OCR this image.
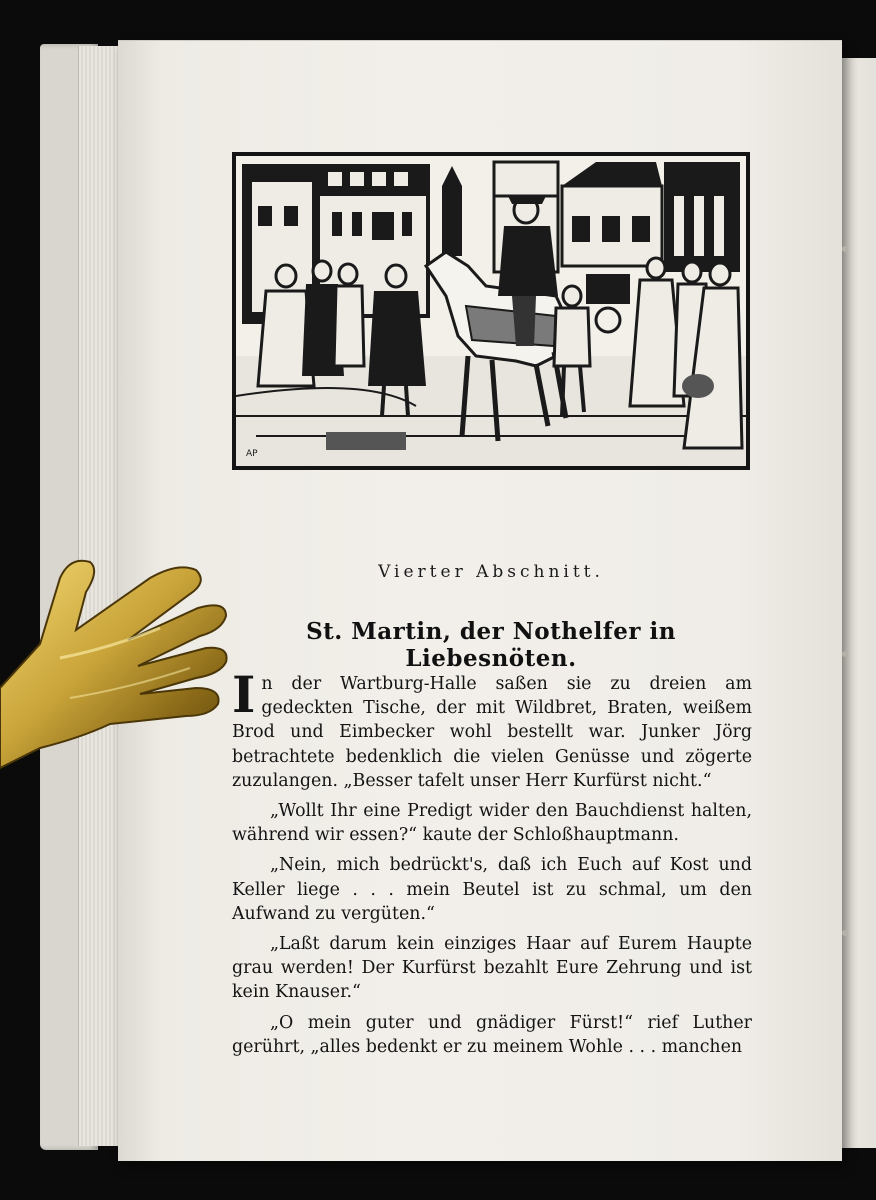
AP
Vierter Abschnitt.
St. Martin, der Nothelfer in Liebesnöten.

In der Wartburg-Halle saßen sie zu dreien am gedeckten Tische, der mit Wildbret, Braten, weißem Brod und Eimbecker wohl bestellt war. Junker Jörg betrachtete bedenklich die vielen Genüsse und zögerte zuzulangen. „Besser tafelt unser Herr Kurfürst nicht.“

„Wollt Ihr eine Predigt wider den Bauchdienst halten, während wir essen?“ kaute der Schloßhauptmann.

„Nein, mich bedrückt's, daß ich Euch auf Kost und Keller liege . . . mein Beutel ist zu schmal, um den Aufwand zu vergüten.“

„Laßt darum kein einziges Haar auf Eurem Haupte grau werden! Der Kurfürst bezahlt Eure Zehrung und ist kein Knauser.“

„O mein guter und gnädiger Fürst!“ rief Luther gerührt, „alles bedenkt er zu meinem Wohle . . . manchen
